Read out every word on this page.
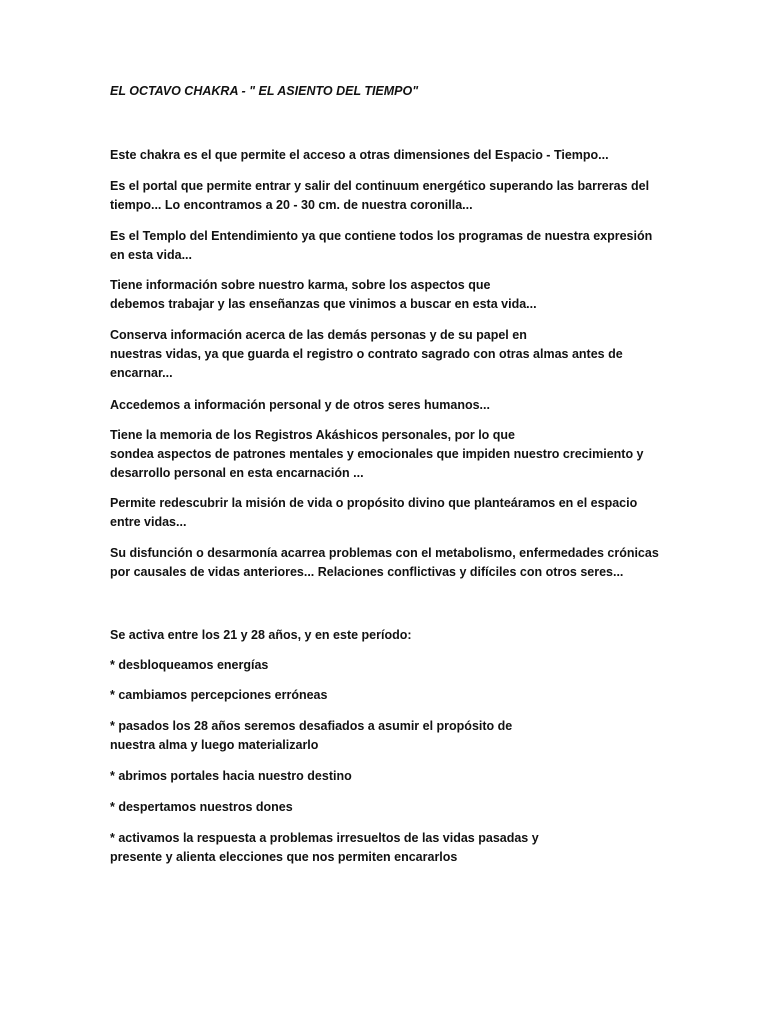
EL OCTAVO CHAKRA - " EL ASIENTO DEL TIEMPO"
Este chakra es el que permite el acceso a otras dimensiones del Espacio - Tiempo...
Es el portal que permite entrar y salir del continuum energético superando las barreras del
tiempo... Lo encontramos a 20 - 30 cm. de nuestra coronilla...
Es el Templo del Entendimiento ya que contiene todos los programas de nuestra expresión
en esta vida...
Tiene información sobre nuestro karma, sobre los aspectos que
debemos trabajar y las enseñanzas que vinimos a buscar en esta vida...
Conserva información acerca de las demás personas y de su papel en
nuestras vidas, ya que guarda el registro o contrato sagrado con otras almas antes de
encarnar...
Accedemos a información personal y de otros seres humanos...
Tiene la memoria de los Registros Akáshicos personales, por lo que
sondea aspectos de patrones mentales y emocionales que impiden nuestro crecimiento y
desarrollo personal en esta encarnación ...
Permite redescubrir la misión de vida o propósito divino que planteáramos en el espacio
entre vidas...
Su disfunción o desarmonía acarrea problemas con el metabolismo, enfermedades crónicas
por causales de vidas anteriores... Relaciones conflictivas y difíciles con otros seres...
Se activa entre los 21 y 28 años, y en este período:
* desbloqueamos energías
* cambiamos percepciones erróneas
* pasados los 28 años seremos desafiados a asumir el propósito de
nuestra alma y luego materializarlo
* abrimos portales hacia nuestro destino
* despertamos nuestros dones
* activamos la respuesta a problemas irresueltos de las vidas pasadas y
presente y alienta elecciones que nos permiten encararlos
